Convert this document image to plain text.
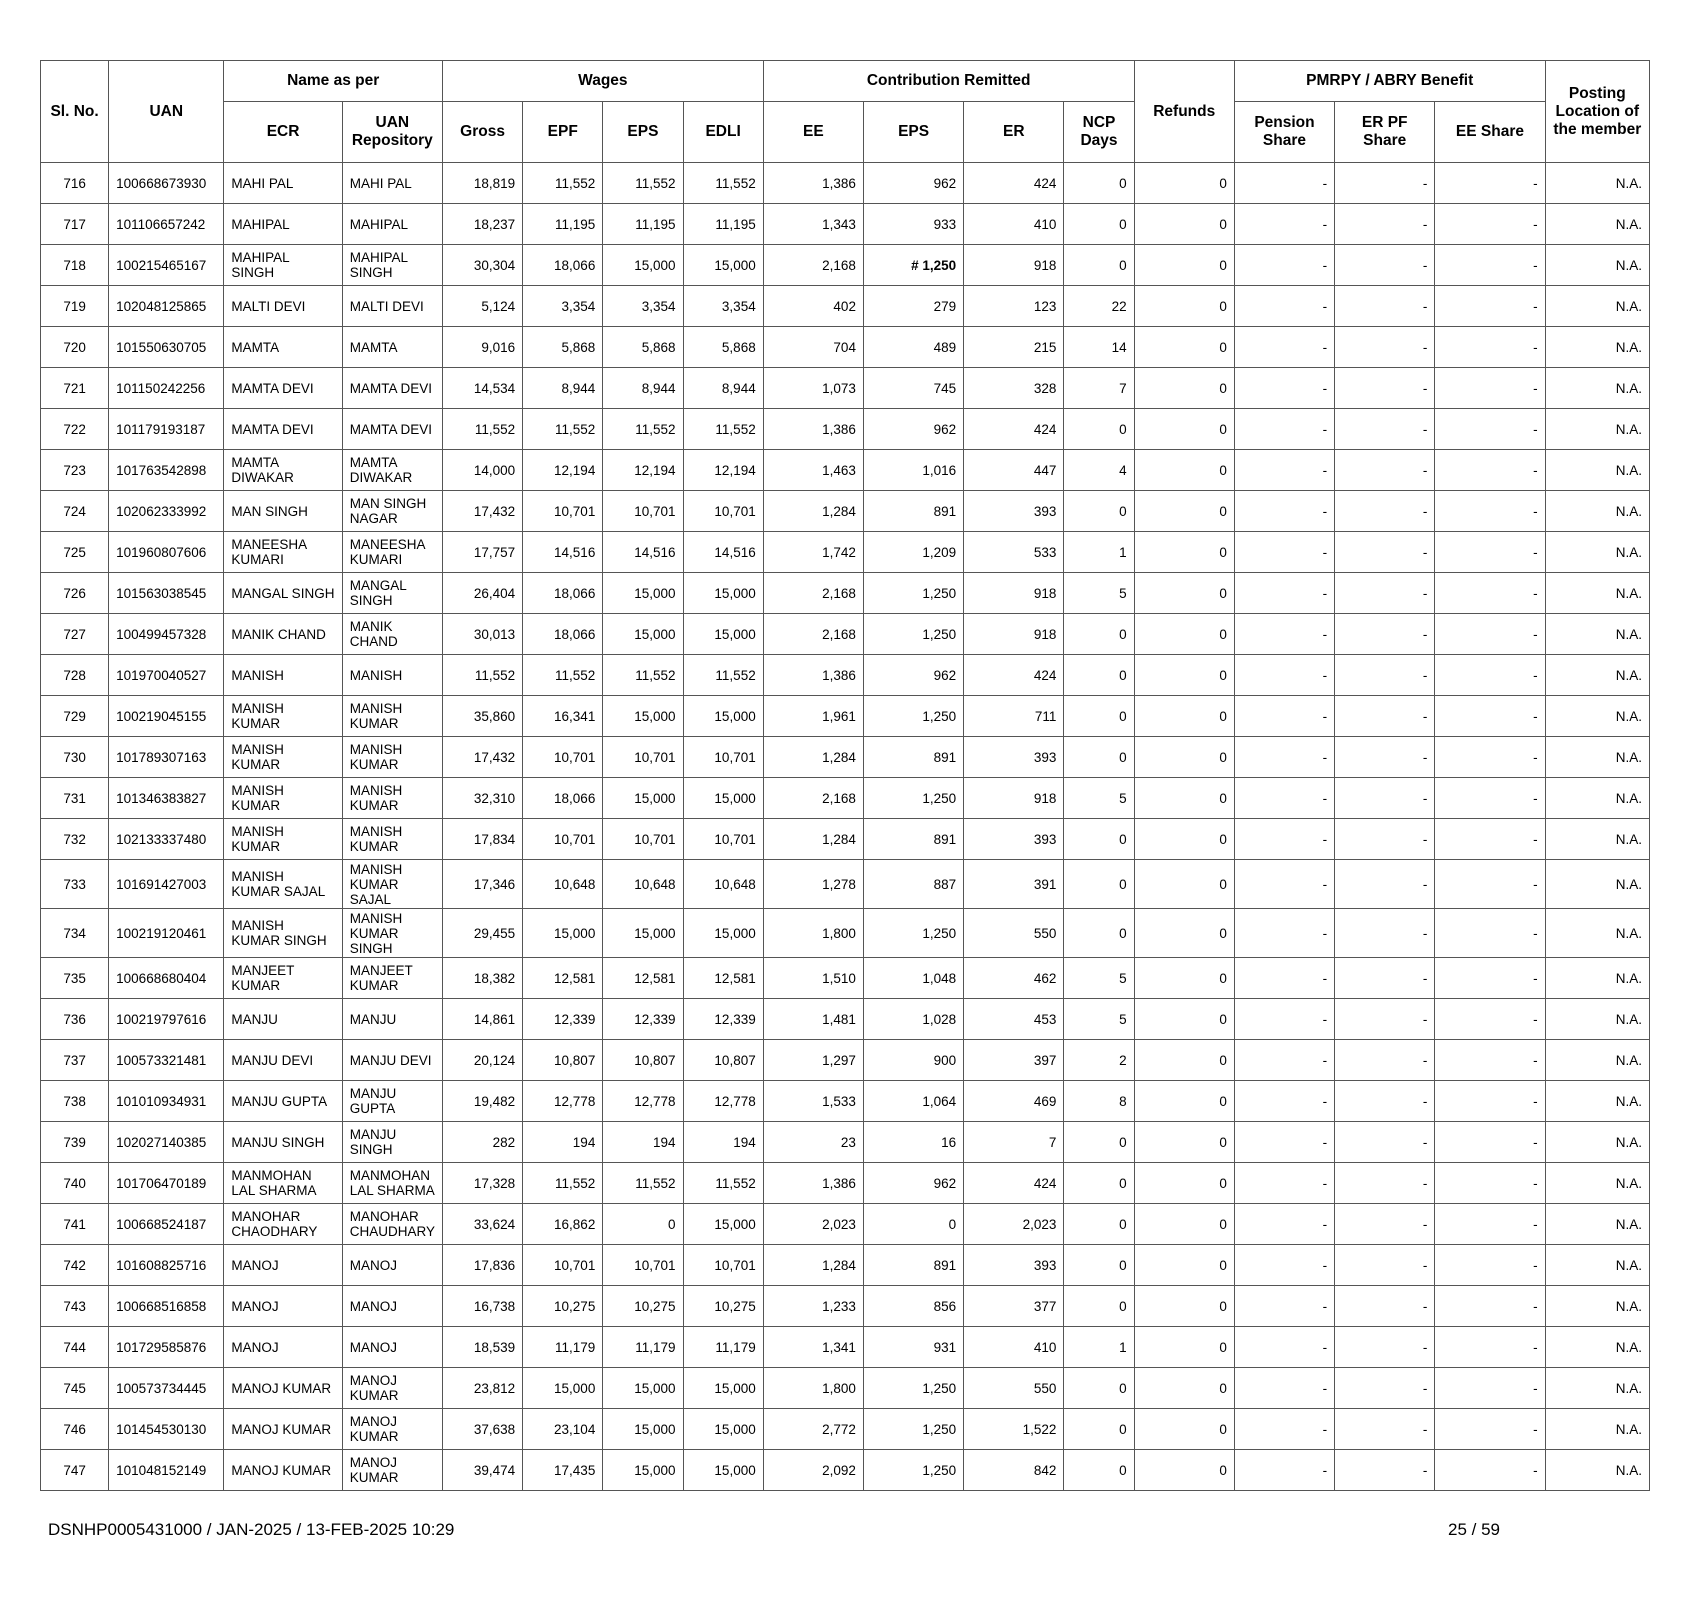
Sl. No.	UAN	Name as per		Wages				Contribution Remitted				Refunds	PMRPY / ABRY Benefit			Posting Location of the member
		ECR	UAN Repository	Gross	EPF	EPS	EDLI	EE	EPS	ER	NCP Days		Pension Share	ER PF Share	EE Share	
716	100668673930	MAHI PAL	MAHI PAL	18,819	11,552	11,552	11,552	1,386	962	424	0	0	-	-	-	N.A.
717	101106657242	MAHIPAL	MAHIPAL	18,237	11,195	11,195	11,195	1,343	933	410	0	0	-	-	-	N.A.
718	100215465167	MAHIPAL SINGH	MAHIPAL SINGH	30,304	18,066	15,000	15,000	2,168	# 1,250	918	0	0	-	-	-	N.A.
719	102048125865	MALTI DEVI	MALTI DEVI	5,124	3,354	3,354	3,354	402	279	123	22	0	-	-	-	N.A.
720	101550630705	MAMTA	MAMTA	9,016	5,868	5,868	5,868	704	489	215	14	0	-	-	-	N.A.
721	101150242256	MAMTA DEVI	MAMTA DEVI	14,534	8,944	8,944	8,944	1,073	745	328	7	0	-	-	-	N.A.
722	101179193187	MAMTA DEVI	MAMTA DEVI	11,552	11,552	11,552	11,552	1,386	962	424	0	0	-	-	-	N.A.
723	101763542898	MAMTA DIWAKAR	MAMTA DIWAKAR	14,000	12,194	12,194	12,194	1,463	1,016	447	4	0	-	-	-	N.A.
724	102062333992	MAN SINGH	MAN SINGH NAGAR	17,432	10,701	10,701	10,701	1,284	891	393	0	0	-	-	-	N.A.
725	101960807606	MANEESHA KUMARI	MANEESHA KUMARI	17,757	14,516	14,516	14,516	1,742	1,209	533	1	0	-	-	-	N.A.
726	101563038545	MANGAL SINGH	MANGAL SINGH	26,404	18,066	15,000	15,000	2,168	1,250	918	5	0	-	-	-	N.A.
727	100499457328	MANIK CHAND	MANIK CHAND	30,013	18,066	15,000	15,000	2,168	1,250	918	0	0	-	-	-	N.A.
728	101970040527	MANISH	MANISH	11,552	11,552	11,552	11,552	1,386	962	424	0	0	-	-	-	N.A.
729	100219045155	MANISH KUMAR	MANISH KUMAR	35,860	16,341	15,000	15,000	1,961	1,250	711	0	0	-	-	-	N.A.
730	101789307163	MANISH KUMAR	MANISH KUMAR	17,432	10,701	10,701	10,701	1,284	891	393	0	0	-	-	-	N.A.
731	101346383827	MANISH KUMAR	MANISH KUMAR	32,310	18,066	15,000	15,000	2,168	1,250	918	5	0	-	-	-	N.A.
732	102133337480	MANISH KUMAR	MANISH KUMAR	17,834	10,701	10,701	10,701	1,284	891	393	0	0	-	-	-	N.A.
733	101691427003	MANISH KUMAR SAJAL	MANISH KUMAR SAJAL	17,346	10,648	10,648	10,648	1,278	887	391	0	0	-	-	-	N.A.
734	100219120461	MANISH KUMAR SINGH	MANISH KUMAR SINGH	29,455	15,000	15,000	15,000	1,800	1,250	550	0	0	-	-	-	N.A.
735	100668680404	MANJEET KUMAR	MANJEET KUMAR	18,382	12,581	12,581	12,581	1,510	1,048	462	5	0	-	-	-	N.A.
736	100219797616	MANJU	MANJU	14,861	12,339	12,339	12,339	1,481	1,028	453	5	0	-	-	-	N.A.
737	100573321481	MANJU DEVI	MANJU DEVI	20,124	10,807	10,807	10,807	1,297	900	397	2	0	-	-	-	N.A.
738	101010934931	MANJU GUPTA	MANJU GUPTA	19,482	12,778	12,778	12,778	1,533	1,064	469	8	0	-	-	-	N.A.
739	102027140385	MANJU SINGH	MANJU SINGH	282	194	194	194	23	16	7	0	0	-	-	-	N.A.
740	101706470189	MANMOHAN LAL SHARMA	MANMOHAN LAL SHARMA	17,328	11,552	11,552	11,552	1,386	962	424	0	0	-	-	-	N.A.
741	100668524187	MANOHAR CHAODHARY	MANOHAR CHAUDHARY	33,624	16,862	0	15,000	2,023	0	2,023	0	0	-	-	-	N.A.
742	101608825716	MANOJ	MANOJ	17,836	10,701	10,701	10,701	1,284	891	393	0	0	-	-	-	N.A.
743	100668516858	MANOJ	MANOJ	16,738	10,275	10,275	10,275	1,233	856	377	0	0	-	-	-	N.A.
744	101729585876	MANOJ	MANOJ	18,539	11,179	11,179	11,179	1,341	931	410	1	0	-	-	-	N.A.
745	100573734445	MANOJ KUMAR	MANOJ KUMAR	23,812	15,000	15,000	15,000	1,800	1,250	550	0	0	-	-	-	N.A.
746	101454530130	MANOJ KUMAR	MANOJ KUMAR	37,638	23,104	15,000	15,000	2,772	1,250	1,522	0	0	-	-	-	N.A.
747	101048152149	MANOJ KUMAR	MANOJ KUMAR	39,474	17,435	15,000	15,000	2,092	1,250	842	0	0	-	-	-	N.A.
DSNHP0005431000 / JAN-2025 / 13-FEB-2025 10:29	25 / 59
